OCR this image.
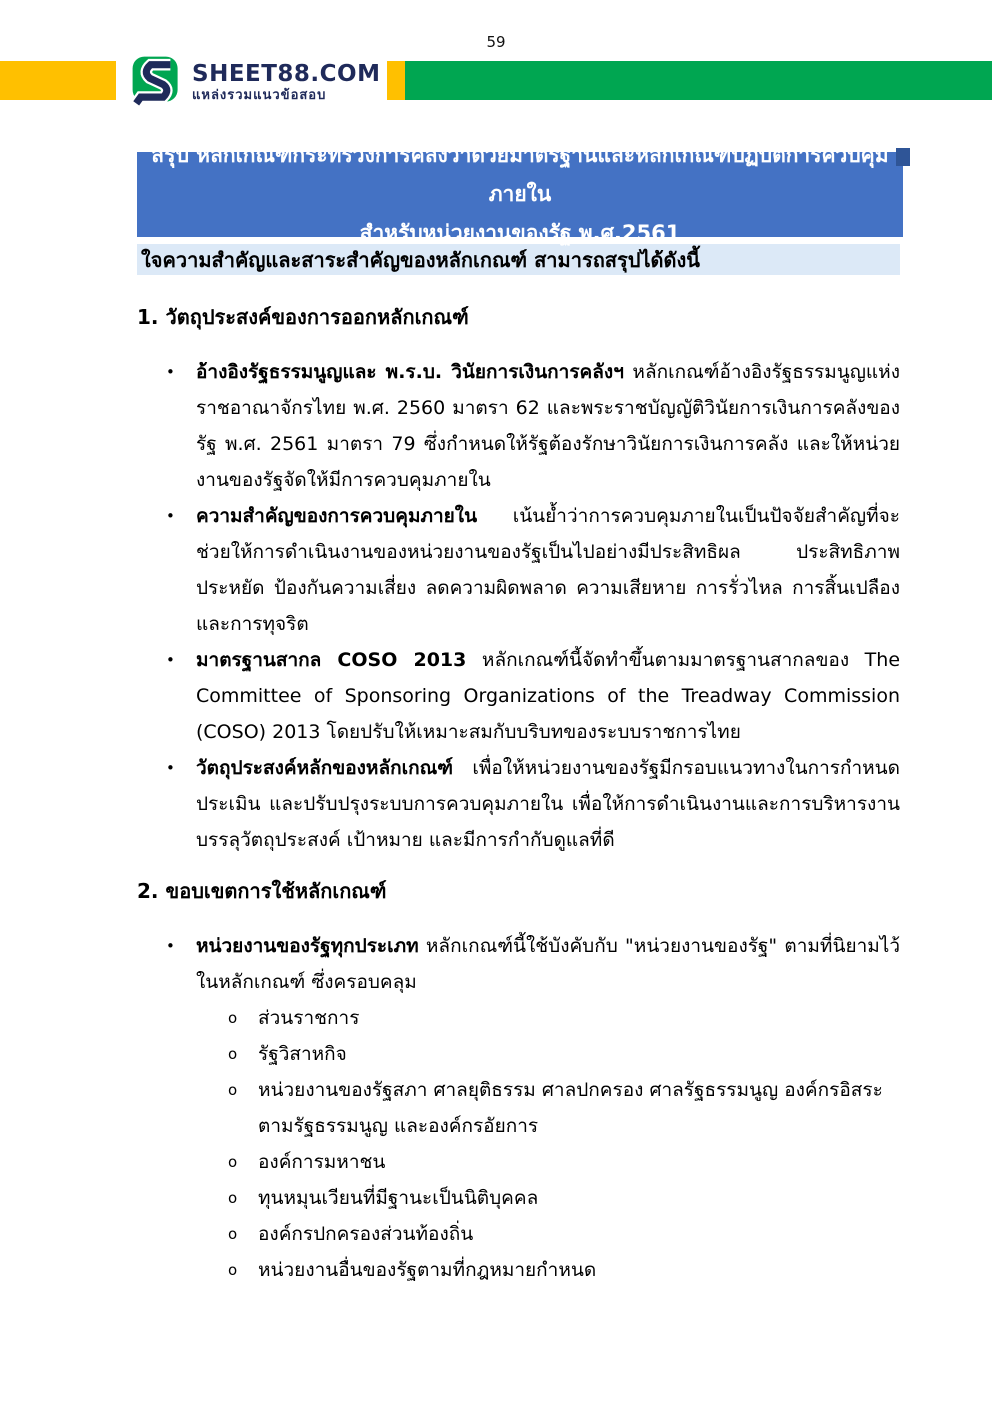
59
SHEET88.COM
แหล่งรวมแนวข้อสอบ
สรุป หลักเกณฑ์กระทรวงการคลังว่าด้วยมาตรฐานและหลักเกณฑ์ปฏิบัติการควบคุมภายใน
สำหรับหน่วยงานของรัฐ พ.ศ.2561
ใจความสำคัญและสาระสำคัญของหลักเกณฑ์ สามารถสรุปได้ดังนี้
1. วัตถุประสงค์ของการออกหลักเกณฑ์
• อ้างอิงรัฐธรรมนูญและ พ.ร.บ. วินัยการเงินการคลังฯ หลักเกณฑ์อ้างอิงรัฐธรรมนูญแห่งราชอาณาจักรไทย พ.ศ. 2560 มาตรา 62 และพระราชบัญญัติวินัยการเงินการคลังของรัฐ พ.ศ. 2561 มาตรา 79 ซึ่งกำหนดให้รัฐต้องรักษาวินัยการเงินการคลัง และให้หน่วยงานของรัฐจัดให้มีการควบคุมภายใน
• ความสำคัญของการควบคุมภายใน เน้นย้ำว่าการควบคุมภายในเป็นปัจจัยสำคัญที่จะช่วยให้การดำเนินงานของหน่วยงานของรัฐเป็นไปอย่างมีประสิทธิผล ประสิทธิภาพ ประหยัด ป้องกันความเสี่ยง ลดความผิดพลาด ความเสียหาย การรั่วไหล การสิ้นเปลือง และการทุจริต
• มาตรฐานสากล COSO 2013 หลักเกณฑ์นี้จัดทำขึ้นตามมาตรฐานสากลของ The Committee of Sponsoring Organizations of the Treadway Commission (COSO) 2013 โดยปรับให้เหมาะสมกับบริบทของระบบราชการไทย
• วัตถุประสงค์หลักของหลักเกณฑ์ เพื่อให้หน่วยงานของรัฐมีกรอบแนวทางในการกำหนด ประเมิน และปรับปรุงระบบการควบคุมภายใน เพื่อให้การดำเนินงานและการบริหารงานบรรลุวัตถุประสงค์ เป้าหมาย และมีการกำกับดูแลที่ดี
2. ขอบเขตการใช้หลักเกณฑ์
• หน่วยงานของรัฐทุกประเภท หลักเกณฑ์นี้ใช้บังคับกับ "หน่วยงานของรัฐ" ตามที่นิยามไว้ในหลักเกณฑ์ ซึ่งครอบคลุม
o ส่วนราชการ
o รัฐวิสาหกิจ
o หน่วยงานของรัฐสภา ศาลยุติธรรม ศาลปกครอง ศาลรัฐธรรมนูญ องค์กรอิสระตามรัฐธรรมนูญ และองค์กรอัยการ
o องค์การมหาชน
o ทุนหมุนเวียนที่มีฐานะเป็นนิติบุคคล
o องค์กรปกครองส่วนท้องถิ่น
o หน่วยงานอื่นของรัฐตามที่กฎหมายกำหนด
